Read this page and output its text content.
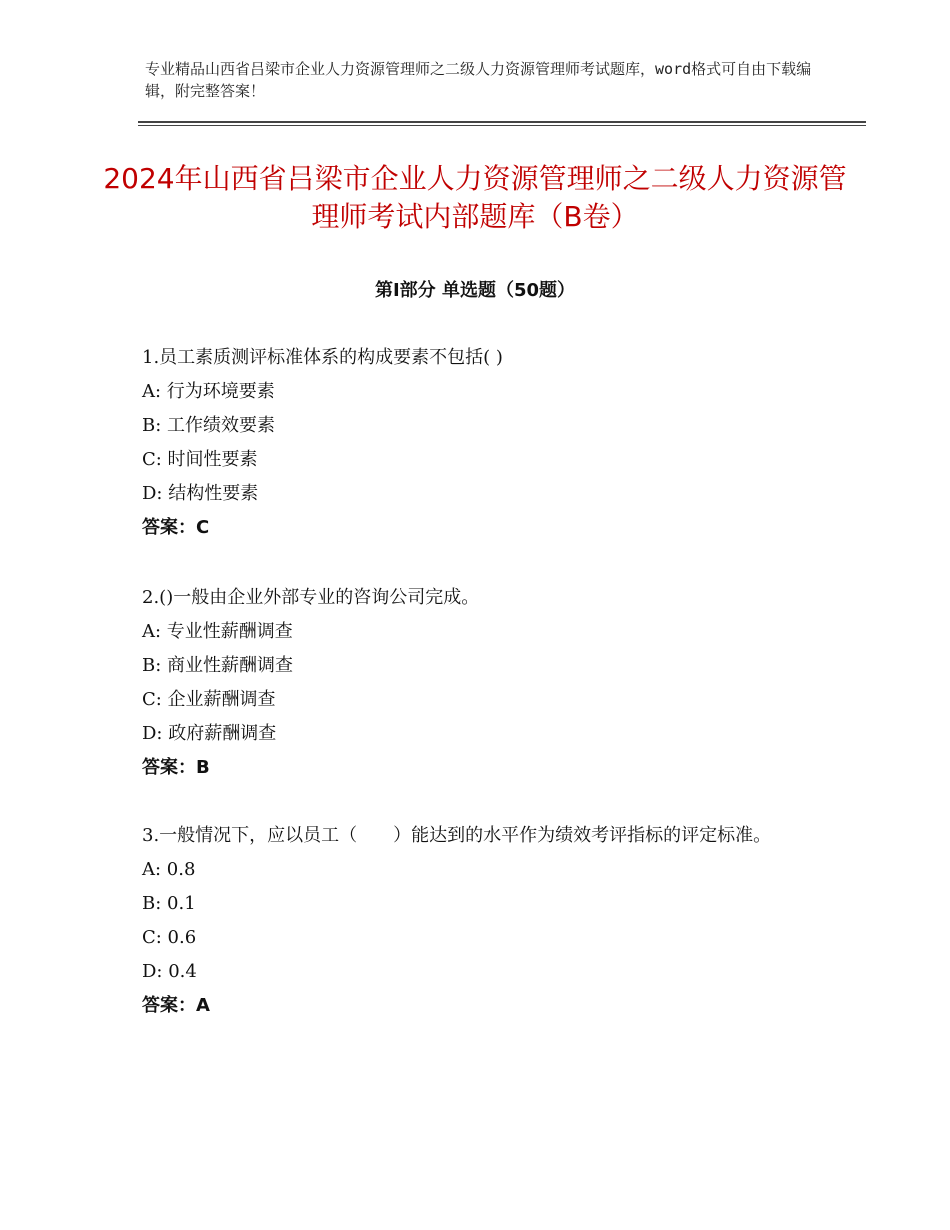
专业精品山西省吕梁市企业人力资源管理师之二级人力资源管理师考试题库，word格式可自由下载编辑，附完整答案！
2024年山西省吕梁市企业人力资源管理师之二级人力资源管理师考试内部题库（B卷）
第Ⅰ部分 单选题（50题）
1.员工素质测评标准体系的构成要素不包括( )
A: 行为环境要素
B: 工作绩效要素
C: 时间性要素
D: 结构性要素
答案：C
2.()一般由企业外部专业的咨询公司完成。
A: 专业性薪酬调查
B: 商业性薪酬调查
C: 企业薪酬调查
D: 政府薪酬调查
答案：B
3.一般情况下，应以员工（　　）能达到的水平作为绩效考评指标的评定标准。
A: 0.8
B: 0.1
C: 0.6
D: 0.4
答案：A
